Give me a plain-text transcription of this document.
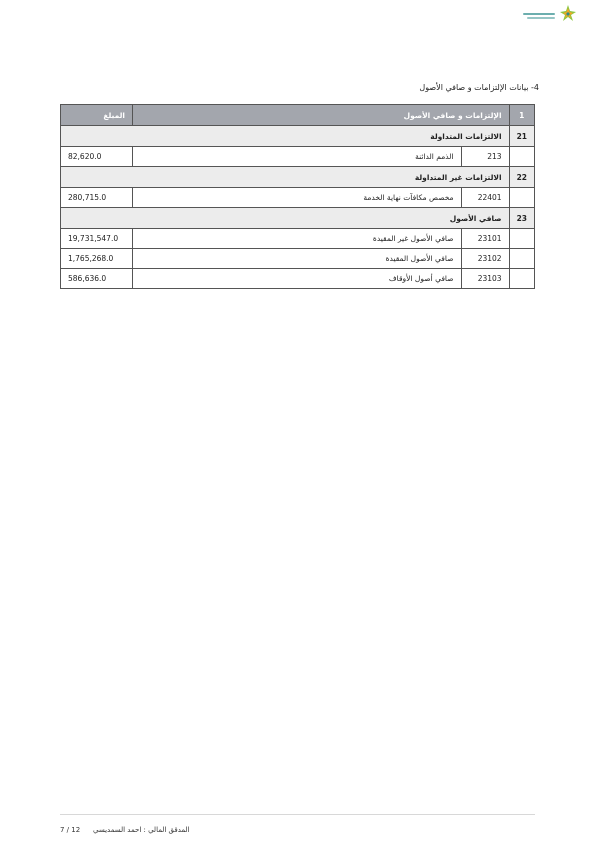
4- بيانات الإلتزامات و صافي الأصول
1	الإلتزامات و صافي الأصول		المبلغ
21	الالتزامات المتداولة		
	213	الذمم الدائنة	82,620.0
22	الالتزامات غير المتداولة		
	22401	مخصص مكافآت نهاية الخدمة	280,715.0
23	صافي الأصول		
	23101	صافي الأصول غير المقيدة	19,731,547.0
	23102	صافي الأصول المقيدة	1,765,268.0
	23103	صافي أصول الأوقاف	586,636.0
المدقق المالي : احمد السمديسي
7 / 12
